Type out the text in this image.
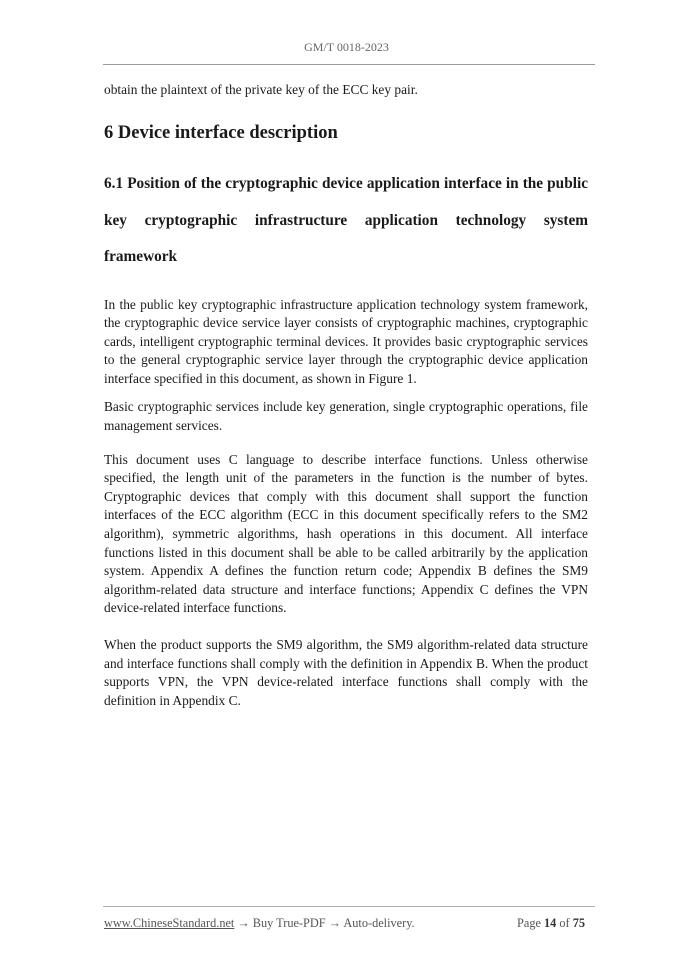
GM/T 0018-2023

obtain the plaintext of the private key of the ECC key pair.

6 Device interface description
6.1 Position of the cryptographic device application interface in the public key cryptographic infrastructure application technology system framework

In the public key cryptographic infrastructure application technology system framework, the cryptographic device service layer consists of cryptographic machines, cryptographic cards, intelligent cryptographic terminal devices. It provides basic cryptographic services to the general cryptographic service layer through the cryptographic device application interface specified in this document, as shown in Figure 1.

Basic cryptographic services include key generation, single cryptographic operations, file management services.

This document uses C language to describe interface functions. Unless otherwise specified, the length unit of the parameters in the function is the number of bytes. Cryptographic devices that comply with this document shall support the function interfaces of the ECC algorithm (ECC in this document specifically refers to the SM2 algorithm), symmetric algorithms, hash operations in this document. All interface functions listed in this document shall be able to be called arbitrarily by the application system. Appendix A defines the function return code; Appendix B defines the SM9 algorithm-related data structure and interface functions; Appendix C defines the VPN device-related interface functions.

When the product supports the SM9 algorithm, the SM9 algorithm-related data structure and interface functions shall comply with the definition in Appendix B. When the product supports VPN, the VPN device-related interface functions shall comply with the definition in Appendix C.

www.ChineseStandard.net → Buy True-PDF → Auto-delivery.	Page 14 of 75
